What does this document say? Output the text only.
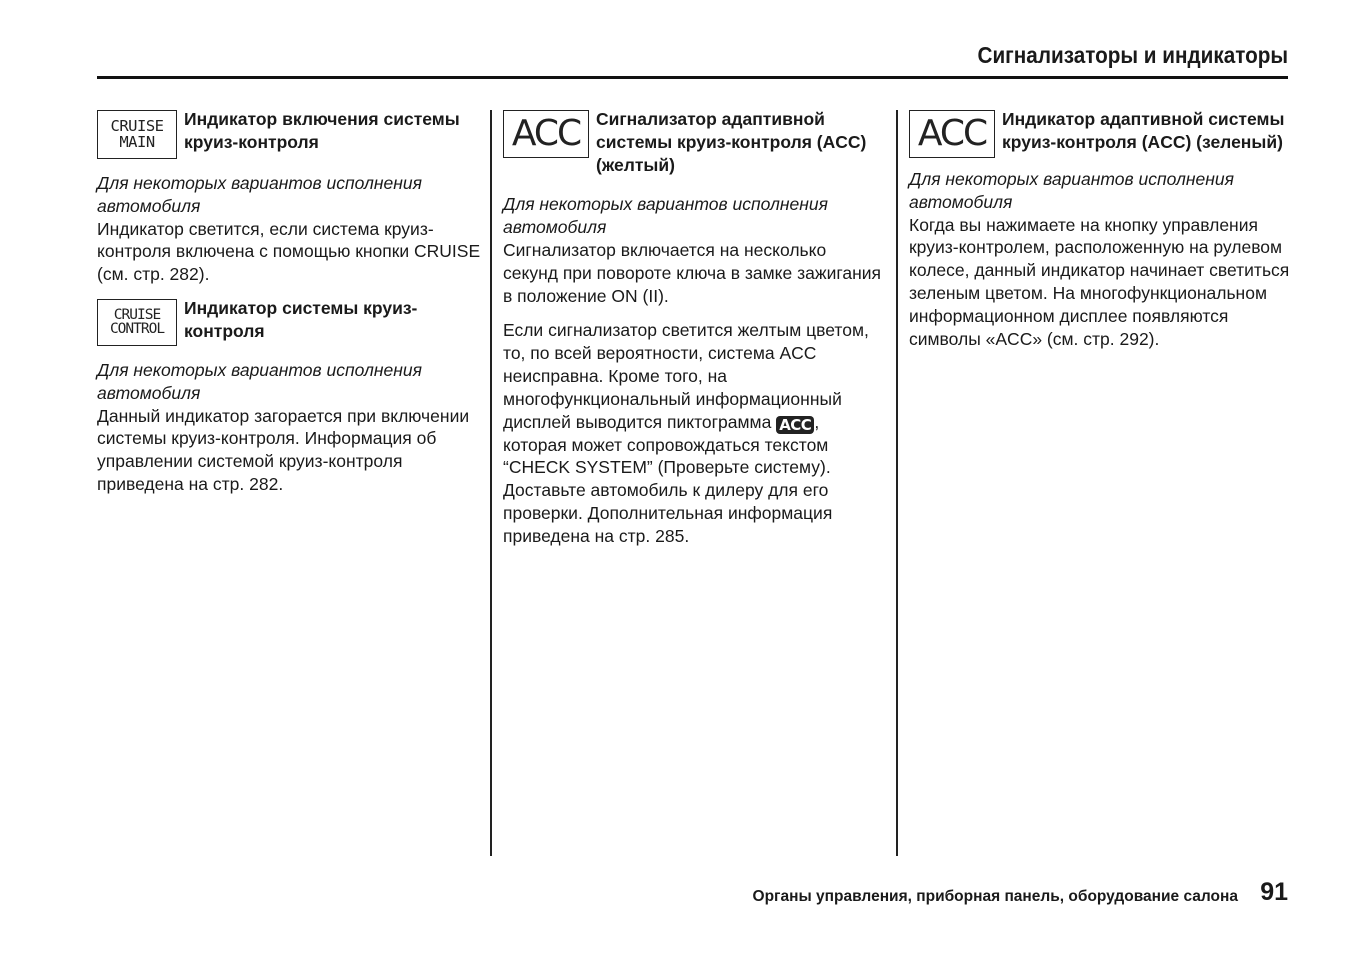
Сигнализаторы и индикаторы
CRUISE
MAIN
Индикатор включения системы круиз-контроля

Для некоторых вариантов исполнения автомобиля

Индикатор светится, если система круиз-контроля включена с помощью кнопки CRUISE (см. стр. 282).

CRUISE
CONTROL
Индикатор системы круиз-контроля

Для некоторых вариантов исполнения автомобиля

Данный индикатор загорается при включении системы круиз-контроля. Информация об управлении системой круиз-контроля приведена на стр. 282.

ACC Сигнализатор адаптивной системы круиз-контроля (ACC) (желтый)

Для некоторых вариантов исполнения автомобиля

Сигнализатор включается на несколько секунд при повороте ключа в замке зажигания в положение ON (II).

Если сигнализатор светится желтым цветом, то, по всей вероятности, система ACC неисправна. Кроме того, на многофункциональный информационный дисплей выводится пиктограмма ACC , которая может сопровождаться текстом “CHECK SYSTEM” (Проверьте систему). Доставьте автомобиль к дилеру для его проверки. Дополнительная информация приведена на стр. 285.

ACC Индикатор адаптивной системы круиз-контроля (ACC) (зеленый)

Для некоторых вариантов исполнения автомобиля

Когда вы нажимаете на кнопку управления круиз-контролем, расположенную на рулевом колесе, данный индикатор начинает светиться зеленым цветом. На многофункциональном информационном дисплее появляются символы «ACC» (см. стр. 292).

Органы управления, приборная панель, оборудование салона 91
